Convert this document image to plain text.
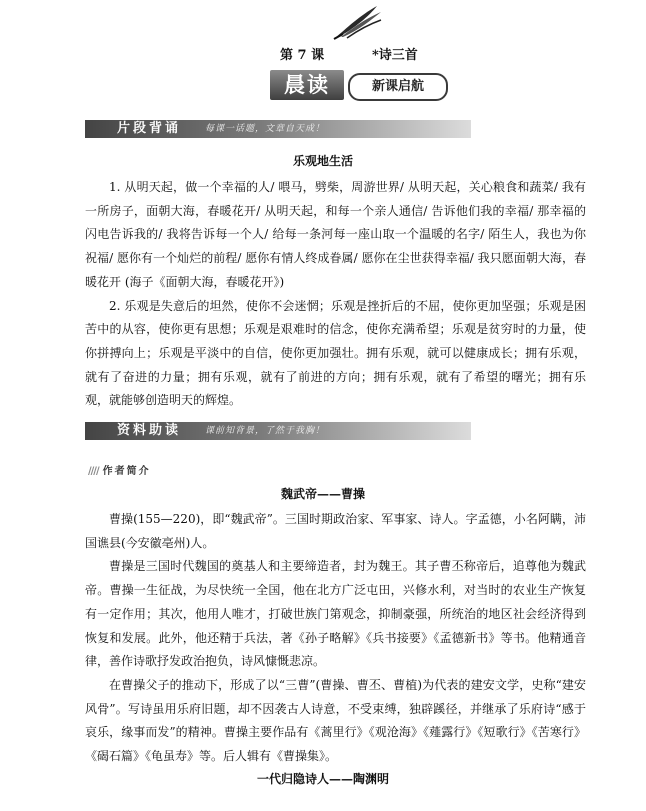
第 7 课	*诗三首
晨读	新课启航
片段背诵	每课一话题，文章自天成！
乐观地生活

1. 从明天起，做一个幸福的人/ 喂马，劈柴，周游世界/ 从明天起，关心粮食和蔬菜/ 我有一所房子，面朝大海，春暖花开/ 从明天起，和每一个亲人通信/ 告诉他们我的幸福/ 那幸福的闪电告诉我的/ 我将告诉每一个人/ 给每一条河每一座山取一个温暖的名字/ 陌生人，我也为你祝福/ 愿你有一个灿烂的前程/ 愿你有情人终成眷属/ 愿你在尘世获得幸福/ 我只愿面朝大海，春暖花开 (海子《面朝大海，春暖花开》)

2. 乐观是失意后的坦然，使你不会迷惘；乐观是挫折后的不屈，使你更加坚强；乐观是困苦中的从容，使你更有思想；乐观是艰难时的信念，使你充满希望；乐观是贫穷时的力量，使你拼搏向上；乐观是平淡中的自信，使你更加强壮。拥有乐观，就可以健康成长；拥有乐观，就有了奋进的力量；拥有乐观，就有了前进的方向；拥有乐观，就有了希望的曙光；拥有乐观，就能够创造明天的辉煌。

资料助读	课前知背景，了然于我胸！
//// 作者简介
魏武帝——曹操

曹操(155—220)，即“魏武帝”。三国时期政治家、军事家、诗人。字孟德，小名阿瞒，沛国谯县(今安徽亳州)人。

曹操是三国时代魏国的奠基人和主要缔造者，封为魏王。其子曹丕称帝后，追尊他为魏武帝。曹操一生征战，为尽快统一全国，他在北方广泛屯田，兴修水利，对当时的农业生产恢复有一定作用；其次，他用人唯才，打破世族门第观念，抑制豪强，所统治的地区社会经济得到恢复和发展。此外，他还精于兵法，著《孙子略解》《兵书接要》《孟德新书》等书。他精通音律，善作诗歌抒发政治抱负，诗风慷慨悲凉。

在曹操父子的推动下，形成了以“三曹”(曹操、曹丕、曹植)为代表的建安文学，史称“建安风骨”。写诗虽用乐府旧题，却不因袭古人诗意，不受束缚，独辟蹊径，并继承了乐府诗“感于哀乐，缘事而发”的精神。曹操主要作品有《蒿里行》《观沧海》《薤露行》《短歌行》《苦寒行》《碣石篇》《龟虽寿》等。后人辑有《曹操集》。

一代归隐诗人——陶渊明
